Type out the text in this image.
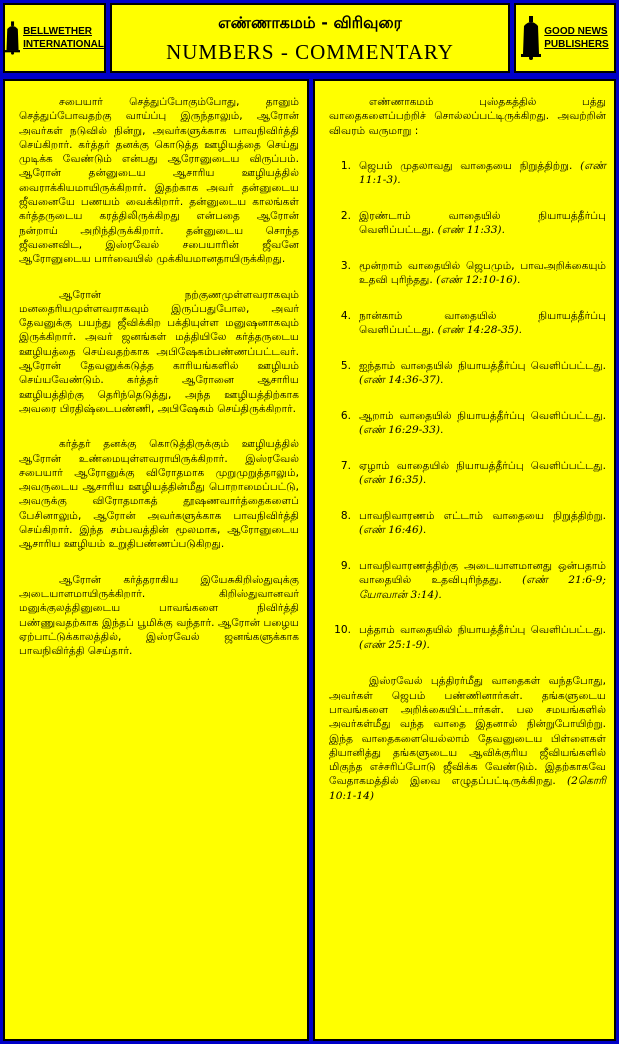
BELLWETHER
INTERNATIONAL
எண்ணாகமம் - விரிவுரை
NUMBERS - COMMENTARY
GOOD NEWS
PUBLISHERS

சபையார் செத்துப்போகும்போது, தானும் செத்துப்போவதற்கு வாய்ப்பு இருந்தாலும், ஆரோன் அவர்கள் நடுவில் நின்று, அவர்களுக்காக பாவநிவிர்த்தி செய்கிறார். கர்த்தர் தனக்கு கொடுத்த ஊழியத்தை செய்து முடிக்க வேண்டும் என்பது ஆரோனுடைய விருப்பம். ஆரோன் தன்னுடைய ஆசாரிய ஊழியத்தில் வைராக்கியமாயிருக்கிறார். இதற்காக அவர் தன்னுடைய ஜீவனையே பணயம் வைக்கிறார். தன்னுடைய காலங்கள் கர்த்தருடைய கரத்திலிருக்கிறது என்பதை ஆரோன் நன்றாய் அறிந்திருக்கிறார். தன்னுடைய சொந்த ஜீவனைவிட, இஸ்ரவேல் சபையாரின் ஜீவனே ஆரோனுடைய பார்வையில் முக்கியமானதாயிருக்கிறது.

ஆரோன் நற்குணமுள்ளவராகவும் மனதைரியமுள்ளவராகவும் இருப்பதுபோல, அவர் தேவனுக்கு பயந்து ஜீவிக்கிற பக்தியுள்ள மனுஷனாகவும் இருக்கிறார். அவர் ஜனங்கள் மத்தியிலே கர்த்தருடைய ஊழியத்தை செய்வதற்காக அபிஷேகம்பண்ணப்பட்டவர். ஆரோன் தேவனுக்கடுத்த காரியங்களில் ஊழியம் செய்யவேண்டும். கர்த்தர் ஆரோனை ஆசாரிய ஊழியத்திற்கு தெரிந்தெடுத்து, அந்த ஊழியத்திற்காக அவரை பிரதிஷ்டைபண்ணி, அபிஷேகம் செய்திருக்கிறார்.

கர்த்தர் தனக்கு கொடுத்திருக்கும் ஊழியத்தில் ஆரோன் உண்மையுள்ளவராயிருக்கிறார். இஸ்ரவேல் சபையார் ஆரோனுக்கு விரோதமாக முறுமுறுத்தாலும், அவருடைய ஆசாரிய ஊழியத்தின்மீது பொறாமைப்பட்டு, அவருக்கு விரோதமாகத் தூஷணவார்த்தைகளைப் பேசினாலும், ஆரோன் அவர்களுக்காக பாவநிவிர்த்தி செய்கிறார். இந்த சம்பவத்தின் மூலமாக, ஆரோனுடைய ஆசாரிய ஊழியம் உறுதிபண்ணப்படுகிறது.

ஆரோன் கர்த்தராகிய இயேசுகிறிஸ்துவுக்கு அடையாளமாயிருக்கிறார். கிறிஸ்துவானவர் மனுக்குலத்தினுடைய பாவங்களை நிவிர்த்தி பண்ணுவதற்காக இந்தப் பூமிக்கு வந்தார். ஆரோன் பழைய ஏற்பாட்டுக்காலத்தில், இஸ்ரவேல் ஜனங்களுக்காக பாவநிவிர்த்தி செய்தார்.

எண்ணாகமம் புஸ்தகத்தில் பத்து வாதைகளைப்பற்றிச் சொல்லப்பட்டிருக்கிறது. அவற்றின் விவரம் வருமாறு :

1. ஜெபம் முதலாவது வாதையை நிறுத்திற்று. (எண் 11:1-3).
2. இரண்டாம் வாதையில் நியாயத்தீர்ப்பு வெளிப்பட்டது. (எண் 11:33).
3. மூன்றாம் வாதையில் ஜெபமும், பாவஅறிக்கையும் உதவி புரிந்தது. (எண் 12:10-16).
4. நான்காம் வாதையில் நியாயத்தீர்ப்பு வெளிப்பட்டது. (எண் 14:28-35).
5. ஐந்தாம் வாதையில் நியாயத்தீர்ப்பு வெளிப்பட்டது. (எண் 14:36-37).
6. ஆறாம் வாதையில் நியாயத்தீர்ப்பு வெளிப்பட்டது. (எண் 16:29-33).
7. ஏழாம் வாதையில் நியாயத்தீர்ப்பு வெளிப்பட்டது. (எண் 16:35).
8. பாவநிவாரணம் எட்டாம் வாதையை நிறுத்திற்று. (எண் 16:46).
9. பாவநிவாரணத்திற்கு அடையாளமானது ஒன்பதாம் வாதையில் உதவிபுரிந்தது. (எண் 21:6-9; யோவான் 3:14).
10. பத்தாம் வாதையில் நியாயத்தீர்ப்பு வெளிப்பட்டது. (எண் 25:1-9).

இஸ்ரவேல் புத்திரர்மீது வாதைகள் வந்தபோது, அவர்கள் ஜெபம் பண்ணினார்கள். தங்களுடைய பாவங்களை அறிக்கையிட்டார்கள். பல சமயங்களில் அவர்கள்மீது வந்த வாதை இதனால் நின்றுபோயிற்று. இந்த வாதைகளையெல்லாம் தேவனுடைய பிள்ளைகள் தியானித்து தங்களுடைய ஆவிக்குரிய ஜீவியங்களில் மிகுந்த எச்சரிப்போடு ஜீவிக்க வேண்டும். இதற்காகவே வேதாகமத்தில் இவை எழுதப்பட்டிருக்கிறது. (2கொரி 10:1-14)
